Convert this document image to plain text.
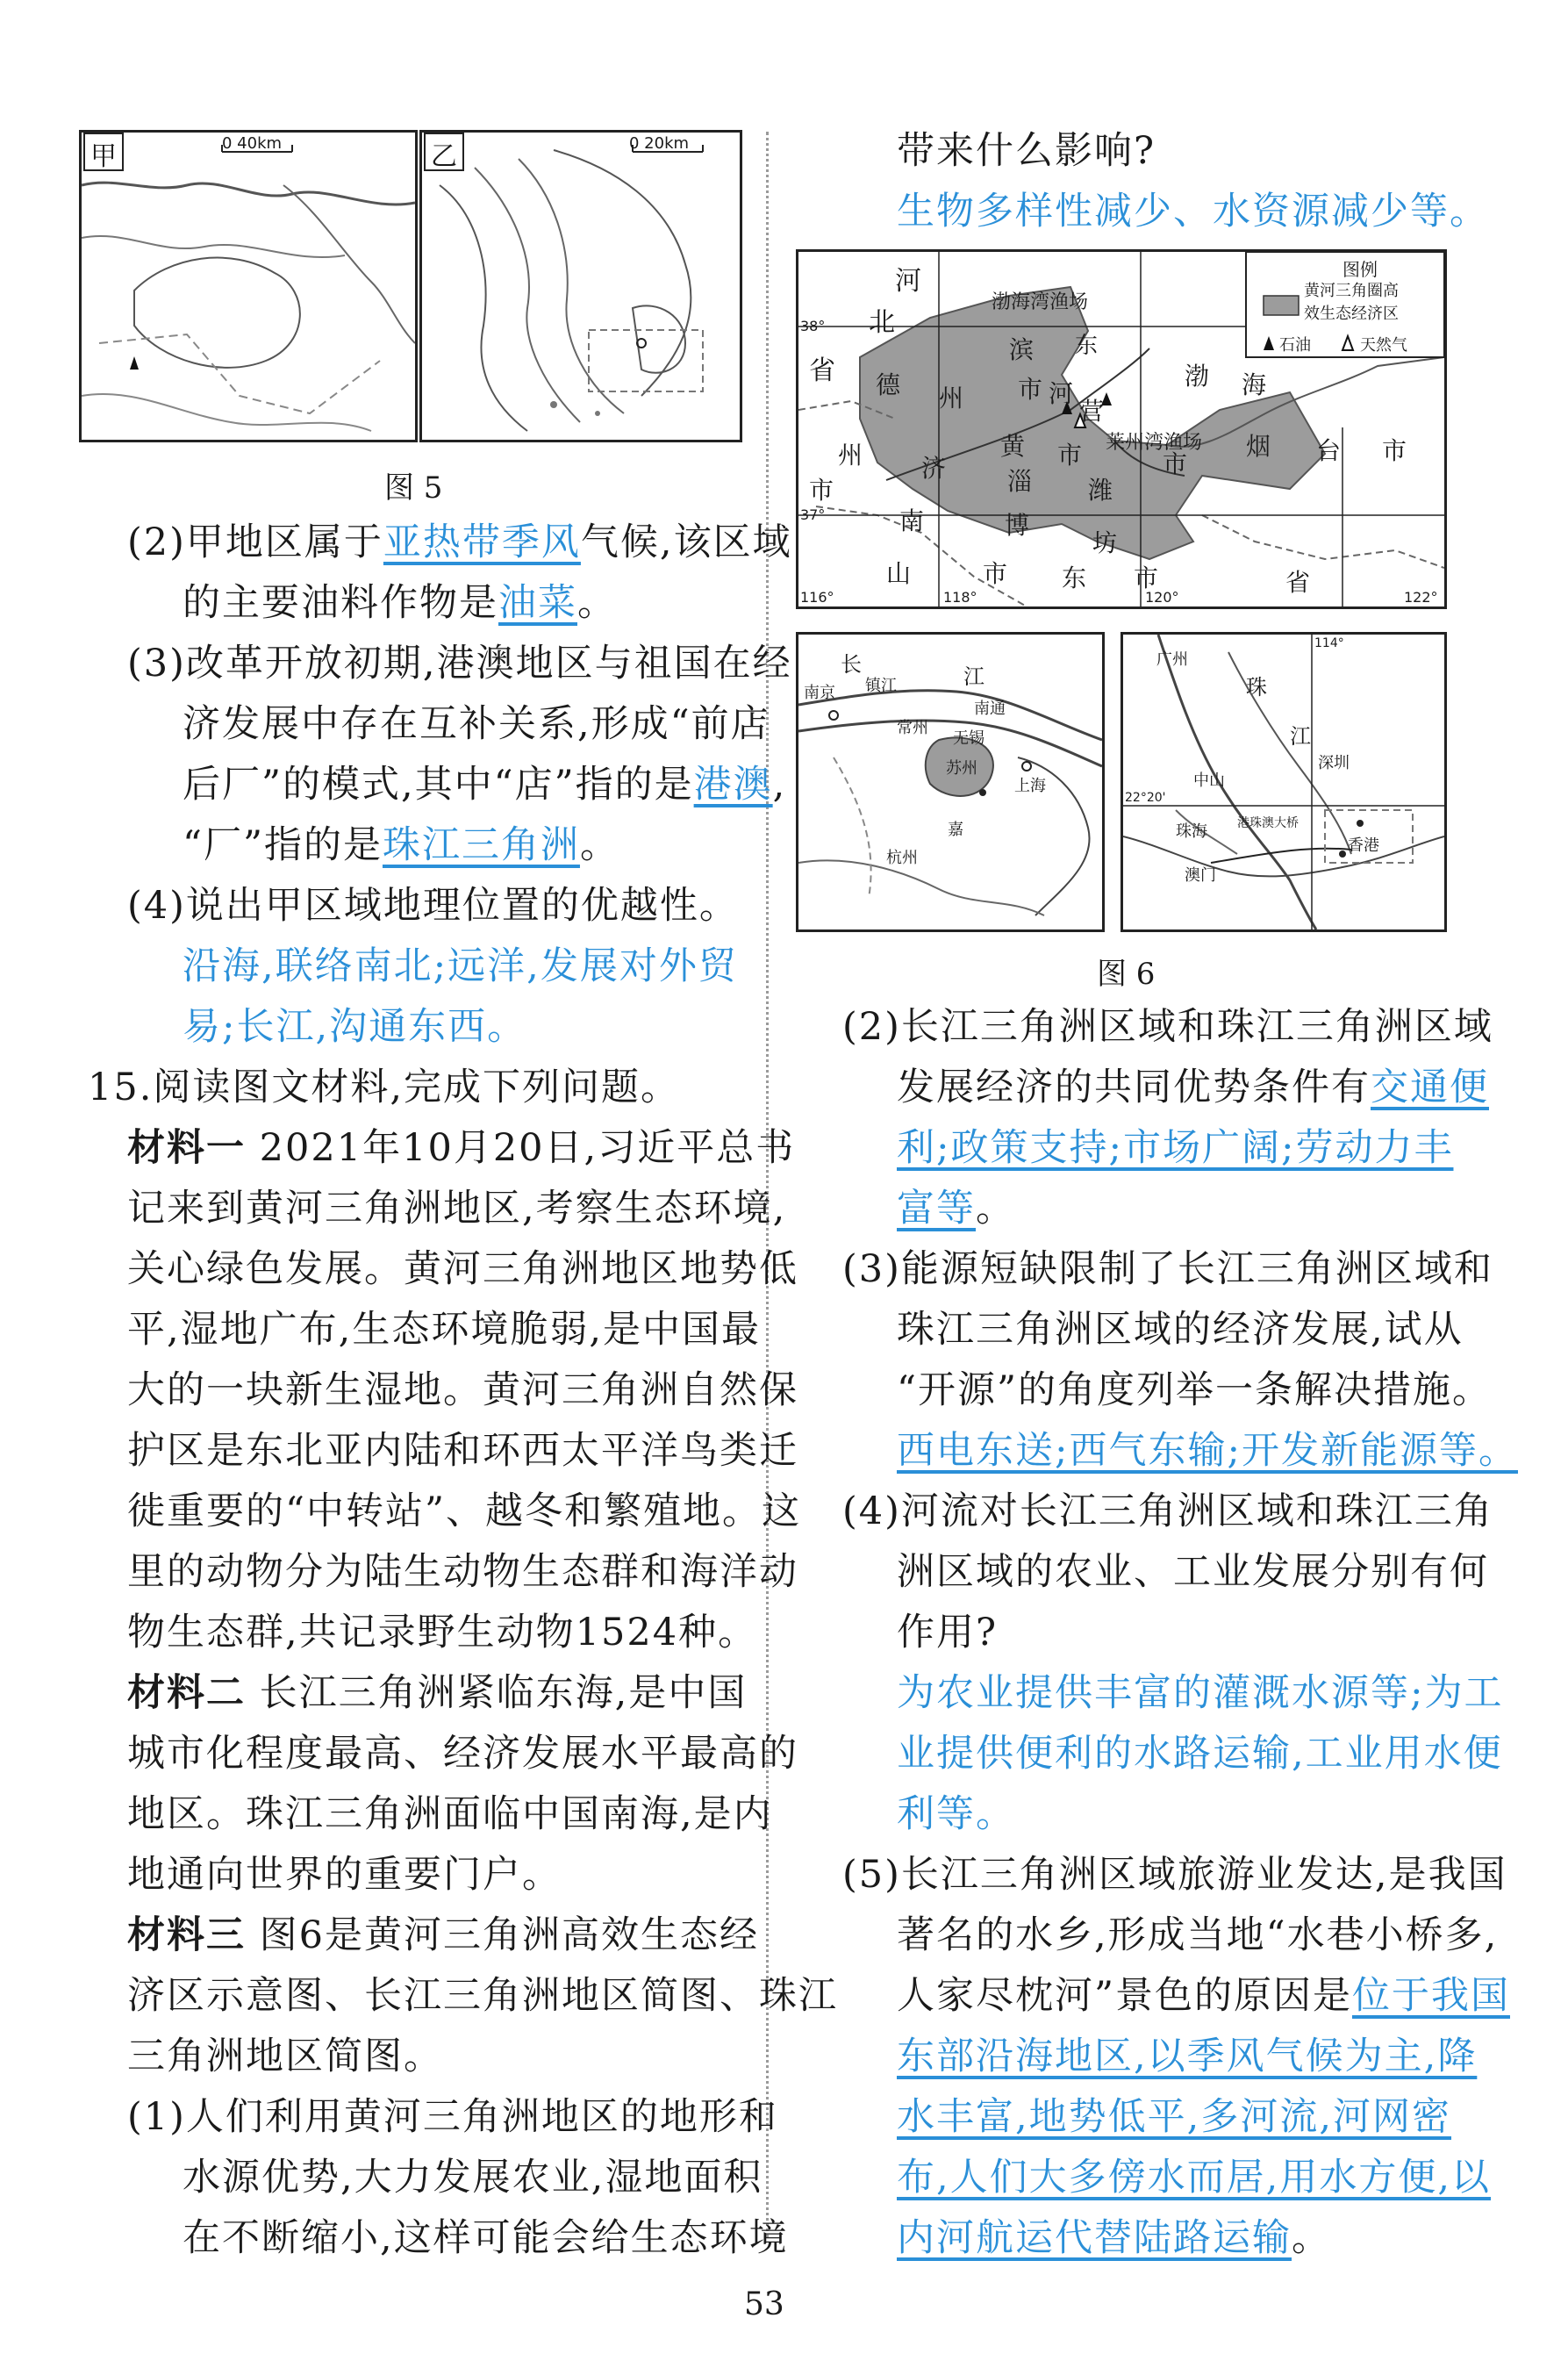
甲	0 40km	乙	0 20km
图 5
(2)甲地区属于亚热带季风气候,该区域
的主要油料作物是油菜。
(3)改革开放初期,港澳地区与祖国在经
济发展中存在互补关系,形成“前店
后厂”的模式,其中“店”指的是港澳,
“厂”指的是珠江三角洲。
(4)说出甲区域地理位置的优越性。
沿海,联络南北;远洋,发展对外贸
易;长江,沟通东西。
15.阅读图文材料,完成下列问题。
材料一 2021年10月20日,习近平总书
记来到黄河三角洲地区,考察生态环境,
关心绿色发展。黄河三角洲地区地势低
平,湿地广布,生态环境脆弱,是中国最
大的一块新生湿地。黄河三角洲自然保
护区是东北亚内陆和环西太平洋鸟类迁
徙重要的“中转站”、越冬和繁殖地。这
里的动物分为陆生动物生态群和海洋动
物生态群,共记录野生动物1524种。
材料二 长江三角洲紧临东海,是中国
城市化程度最高、经济发展水平最高的
地区。珠江三角洲面临中国南海,是内
地通向世界的重要门户。
材料三 图6是黄河三角洲高效生态经
济区示意图、长江三角洲地区简图、珠江
三角洲地区简图。
(1)人们利用黄河三角洲地区的地形和
水源优势,大力发展农业,湿地面积
在不断缩小,这样可能会给生态环境
带来什么影响?
生物多样性减少、水资源减少等。
图例
黄河三角圈高
效生态经济区
石油	天然气
河
北
省
渤海湾渔场
滨 东
德 州 市 河
营
黄
渤 海
州 济 淄
市
市 莱州湾渔场 烟 台 市
潍
市
南	博
山	市
坊
东 市	省
38°
37°
116°	118°	120°	122°
长	江
南京 镇江
南通
常州
无锡
苏州
上海
杭州
嘉
广州
珠
江
中山
深圳
珠海 港珠澳大桥
香港
澳门
114°
22°20'
图 6
(2)长江三角洲区域和珠江三角洲区域
发展经济的共同优势条件有交通便
利;政策支持;市场广阔;劳动力丰
富等。
(3)能源短缺限制了长江三角洲区域和
珠江三角洲区域的经济发展,试从
“开源”的角度列举一条解决措施。
西电东送;西气东输;开发新能源等。
(4)河流对长江三角洲区域和珠江三角
洲区域的农业、工业发展分别有何
作用?
为农业提供丰富的灌溉水源等;为工
业提供便利的水路运输,工业用水便
利等。
(5)长江三角洲区域旅游业发达,是我国
著名的水乡,形成当地“水巷小桥多,
人家尽枕河”景色的原因是位于我国
东部沿海地区,以季风气候为主,降
水丰富,地势低平,多河流,河网密
布,人们大多傍水而居,用水方便,以
内河航运代替陆路运输。
53
